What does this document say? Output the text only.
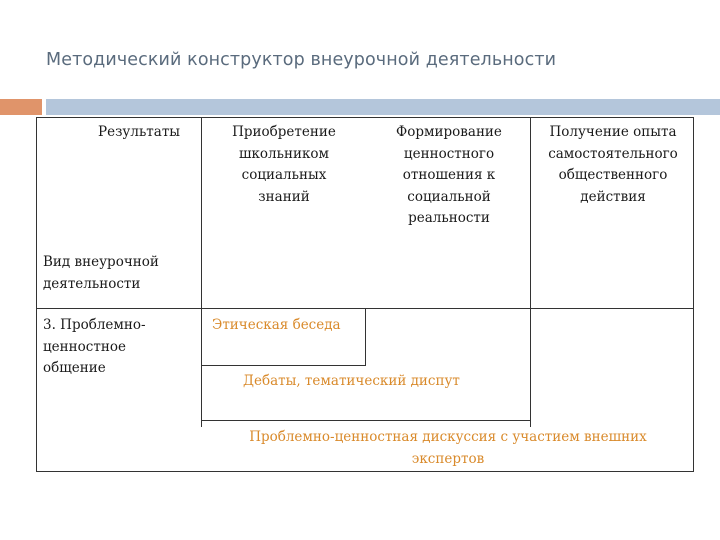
Методический конструктор внеурочной деятельности
Результаты	Приобретение школьником социальных знаний
Формирование ценностного отношения к социальной реальности
Получение опыта самостоятельного общественного действия
Вид внеурочной деятельности
3. Проблемно-ценностное общение
Этическая беседа
Дебаты, тематический диспут
Проблемно-ценностная дискуссия с участием внешних экспертов
